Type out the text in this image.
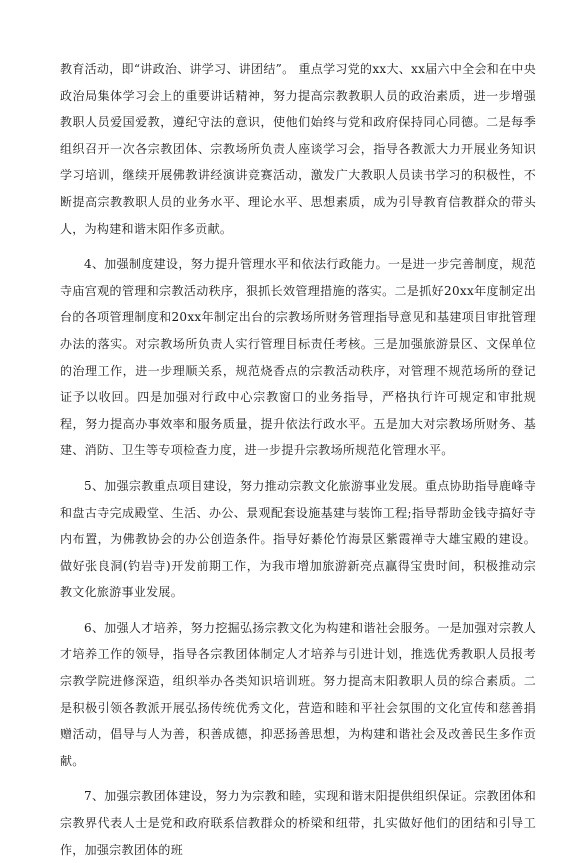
教育活动，即“讲政治、讲学习、讲团结”。 重点学习党的xx大、xx届六中全会和在中央政治局集体学习会上的重要讲话精神，努力提高宗教教职人员的政治素质，进一步增强教职人员爱国爱教，遵纪守法的意识，使他们始终与党和政府保持同心同德。二是每季组织召开一次各宗教团体、宗教场所负责人座谈学习会，指导各教派大力开展业务知识学习培训，继续开展佛教讲经演讲竞赛活动，激发广大教职人员读书学习的积极性，不断提高宗教教职人员的业务水平、理论水平、思想素质，成为引导教育信教群众的带头人，为构建和谐末阳作多贡献。

4、加强制度建设，努力提升管理水平和依法行政能力。一是进一步完善制度，规范寺庙宫观的管理和宗教活动秩序，狠抓长效管理措施的落实。二是抓好20xx年度制定出台的各项管理制度和20xx年制定出台的宗教场所财务管理指导意见和基建项目审批管理办法的落实。对宗教场所负责人实行管理目标责任考核。三是加强旅游景区、文保单位的治理工作，进一步理顺关系，规范烧香点的宗教活动秩序，对管理不规范场所的登记证予以收回。四是加强对行政中心宗教窗口的业务指导，严格执行许可规定和审批规程，努力提高办事效率和服务质量，提升依法行政水平。五是加大对宗教场所财务、基建、消防、卫生等专项检查力度，进一步提升宗教场所规范化管理水平。

5、加强宗教重点项目建设，努力推动宗教文化旅游事业发展。重点协助指导鹿峰寺和盘古寺完成殿堂、生活、办公、景观配套设施基建与装饰工程;指导帮助金钱寺搞好寺内布置，为佛教协会的办公创造条件。指导好綦伦竹海景区紫霞禅寺大雄宝殿的建设。做好张良洞(钓岩寺)开发前期工作，为我市增加旅游新亮点赢得宝贵时间，积极推动宗教文化旅游事业发展。

6、加强人才培养，努力挖掘弘扬宗教文化为构建和谐社会服务。一是加强对宗教人才培养工作的领导，指导各宗教团体制定人才培养与引进计划，推选优秀教职人员报考宗教学院进修深造，组织举办各类知识培训班。努力提高末阳教职人员的综合素质。二是积极引领各教派开展弘扬传统优秀文化，营造和睦和平社会氛围的文化宣传和慈善捐赠活动，倡导与人为善，积善成德，抑恶扬善思想，为构建和谐社会及改善民生多作贡献。

7、加强宗教团体建设，努力为宗教和睦，实现和谐末阳提供组织保证。宗教团体和宗教界代表人士是党和政府联系信教群众的桥梁和纽带，扎实做好他们的团结和引导工作，加强宗教团体的班
